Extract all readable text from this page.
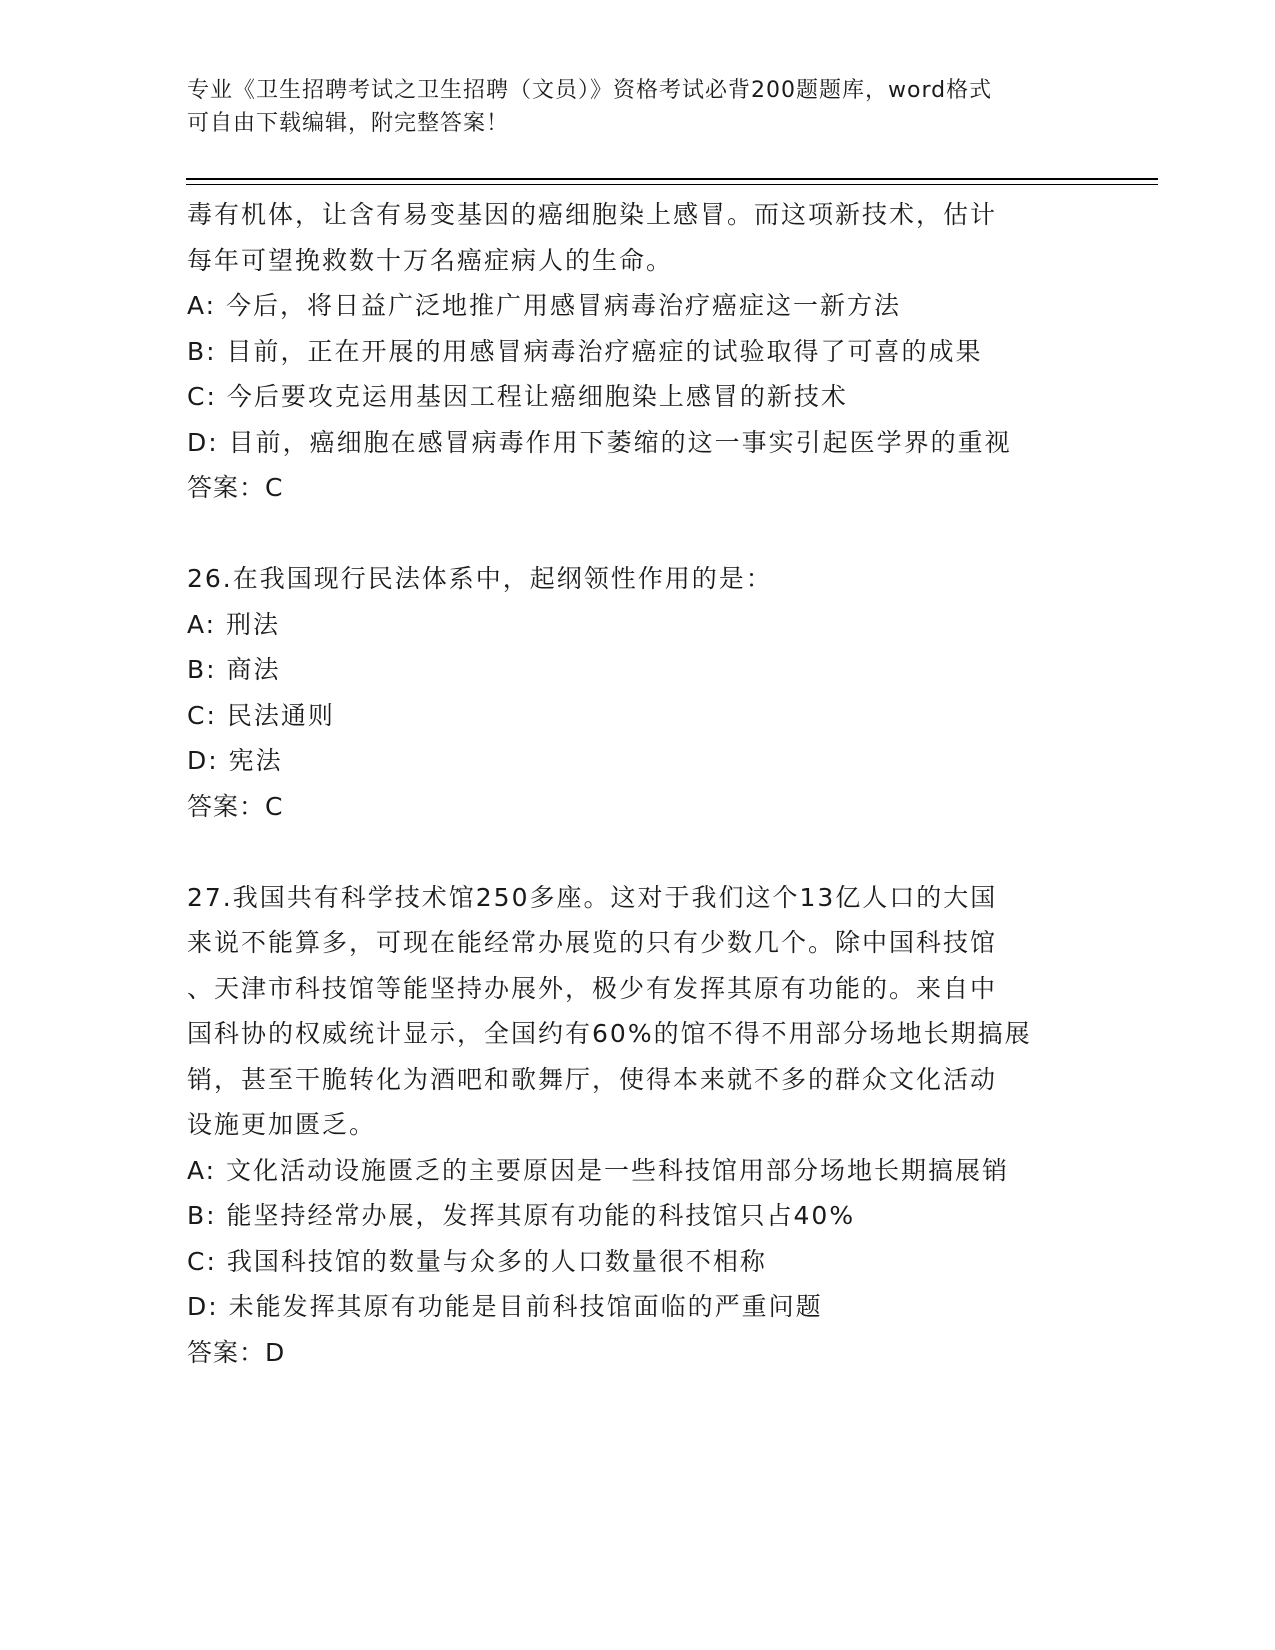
专业《卫生招聘考试之卫生招聘（文员）》资格考试必背200题题库，word格式
可自由下载编辑，附完整答案！
毒有机体，让含有易变基因的癌细胞染上感冒。而这项新技术，估计
每年可望挽救数十万名癌症病人的生命。
A: 今后，将日益广泛地推广用感冒病毒治疗癌症这一新方法
B: 目前，正在开展的用感冒病毒治疗癌症的试验取得了可喜的成果
C: 今后要攻克运用基因工程让癌细胞染上感冒的新技术
D: 目前，癌细胞在感冒病毒作用下萎缩的这一事实引起医学界的重视
答案：C
26.在我国现行民法体系中，起纲领性作用的是：
A: 刑法
B: 商法
C: 民法通则
D: 宪法
答案：C
27.我国共有科学技术馆250多座。这对于我们这个13亿人口的大国
来说不能算多，可现在能经常办展览的只有少数几个。除中国科技馆
、天津市科技馆等能坚持办展外，极少有发挥其原有功能的。来自中
国科协的权威统计显示，全国约有60%的馆不得不用部分场地长期搞展
销，甚至干脆转化为酒吧和歌舞厅，使得本来就不多的群众文化活动
设施更加匮乏。
A: 文化活动设施匮乏的主要原因是一些科技馆用部分场地长期搞展销
B: 能坚持经常办展，发挥其原有功能的科技馆只占40%
C: 我国科技馆的数量与众多的人口数量很不相称
D: 未能发挥其原有功能是目前科技馆面临的严重问题
答案：D
